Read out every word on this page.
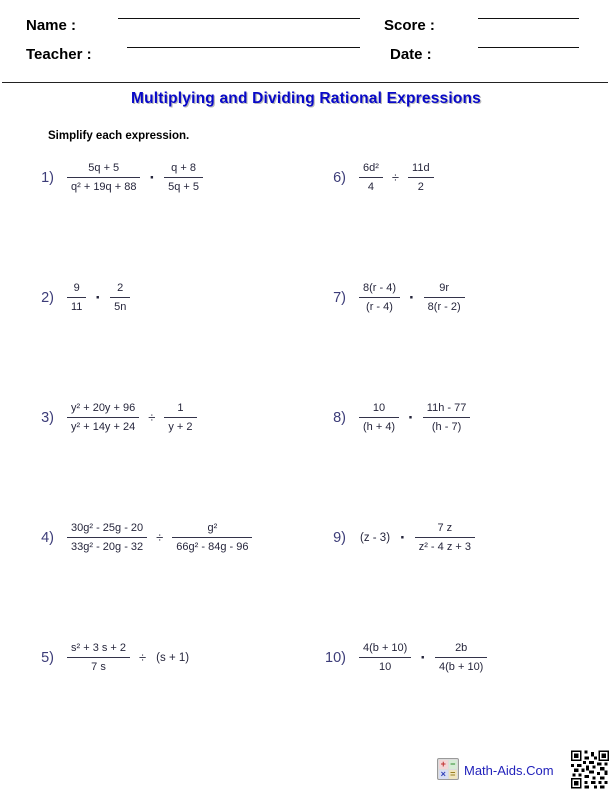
Name :	Score :
Teacher :	Date :
Multiplying and Dividing Rational Expressions
Simplify each expression.
$1) \frac{5q + 5}{\text{q² + 19q + 88}} \cdot \frac{q + 8}{5q + 5}$
$2) \frac{9}{11} \cdot \frac{2}{5n}$
$3) \frac{\text{y² + 20y + 96}}{\text{y² + 14y + 24}} \div \frac{1}{y + 2}$
$4) \frac{\text{30g² - 25g - 20}}{\text{33g² - 20g - 32}} \div \frac{\text{g²}}{\text{66g² - 84g - 96}}$
$5) \frac{\text{s² + 3 s + 2}}{7 s} \div (s + 1)$
$6) \frac{\text{6d²}}{4} \div \frac{11d}{2}$
$7) \frac{8(r - 4)}{(r - 4)} \cdot \frac{9r}{8(r - 2)}$
$8) \frac{10}{(h + 4)} \cdot \frac{11h - 77}{(h - 7)}$
9) $(z - 3) \cdot \frac{7 z}{\text{z² - 4 z + 3}}$
$10) \frac{4(b + 10)}{10} \cdot \frac{2b}{4(b + 10)}$
+ −
× = Math-Aids.Com
